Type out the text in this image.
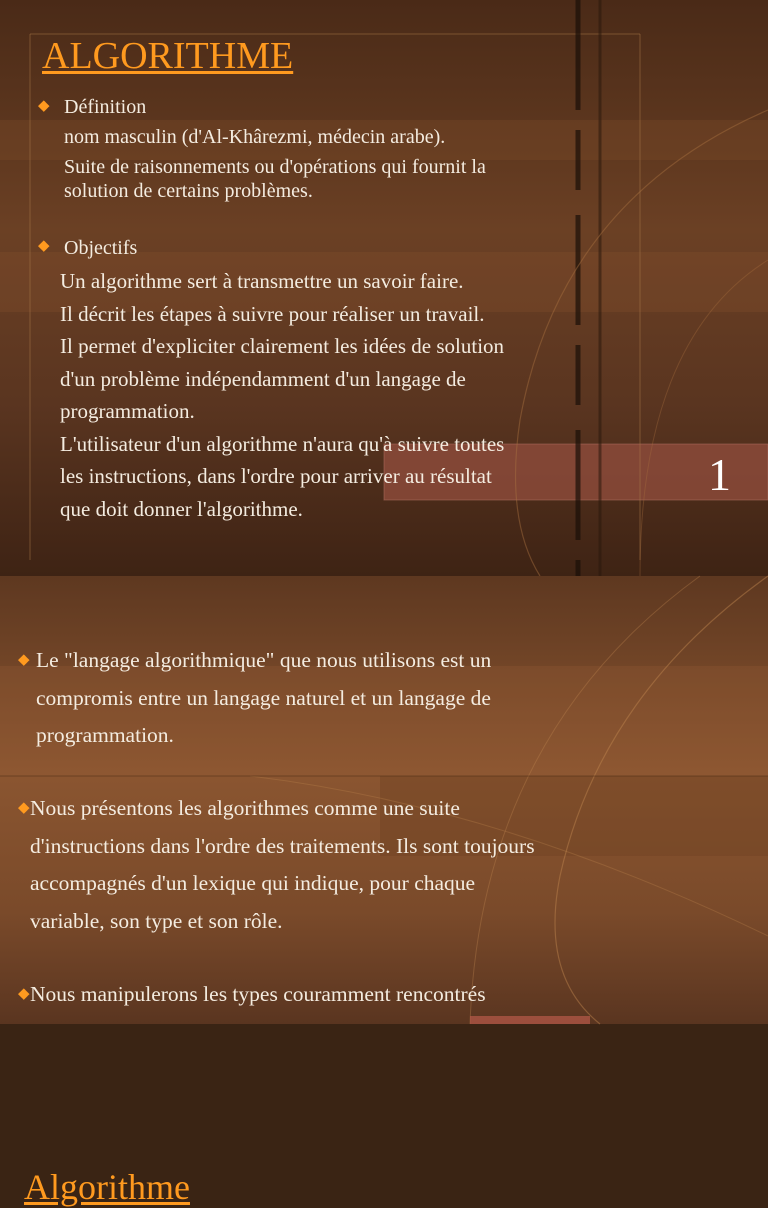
ALGORITHME
◆ Définition

nom masculin (d'Al-Khârezmi, médecin arabe).

Suite de raisonnements ou d'opérations qui fournit la

solution de certains problèmes.

◆ Objectifs

Un algorithme sert à transmettre un savoir faire.
Il décrit les étapes à suivre pour réaliser un travail.
Il permet d'expliciter clairement les idées de solution
d'un problème indépendamment d'un langage de
programmation.
L'utilisateur d'un algorithme n'aura qu'à suivre toutes
les instructions, dans l'ordre pour arriver au résultat
que doit donner l'algorithme.
1
Algorithme
◆ Le "langage algorithmique" que nous utilisons est un
compromis entre un langage naturel et un langage de
programmation.
◆ Nous présentons les algorithmes comme une suite
d'instructions dans l'ordre des traitements. Ils sont toujours
accompagnés d'un lexique qui indique, pour chaque
variable, son type et son rôle.
◆ Nous manipulerons les types couramment rencontrés
